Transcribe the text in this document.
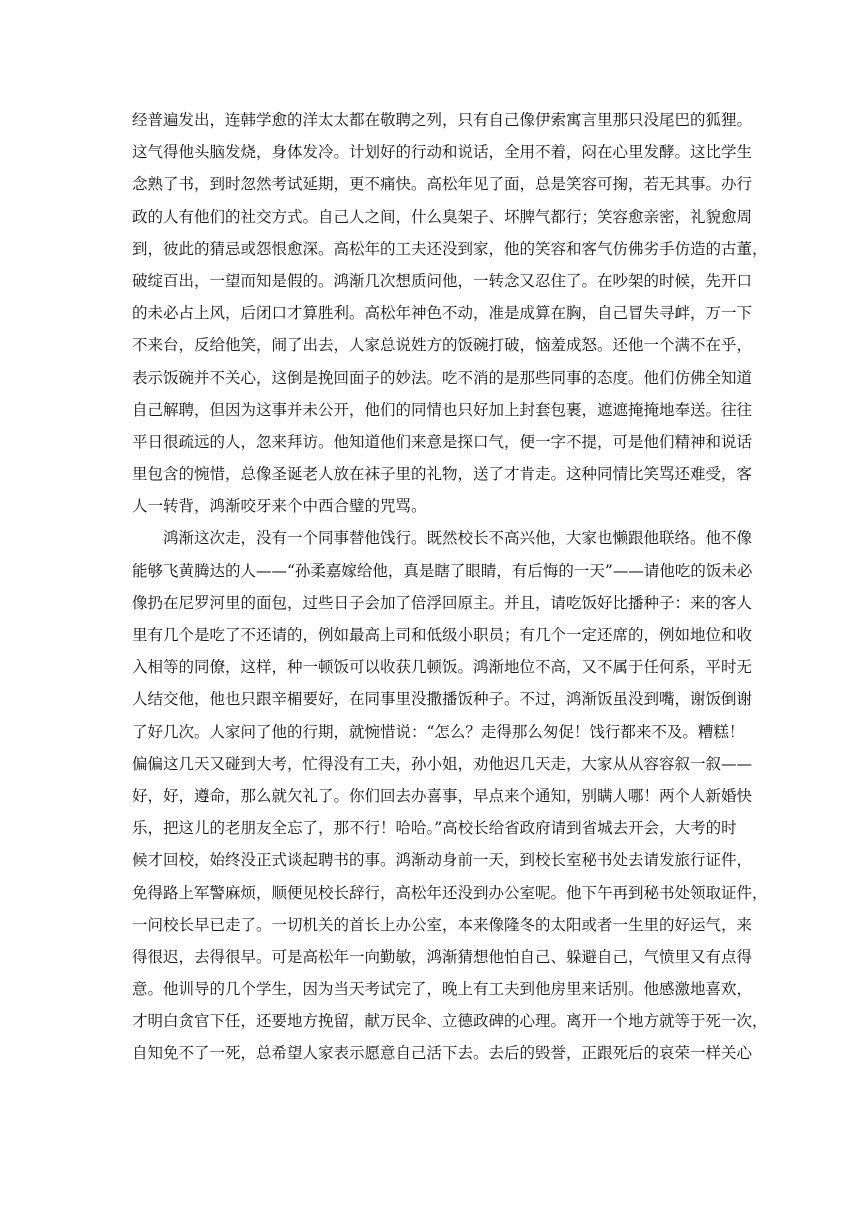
经普遍发出，连韩学愈的洋太太都在敬聘之列，只有自己像伊索寓言里那只没尾巴的狐狸。
这气得他头脑发烧，身体发冷。计划好的行动和说话，全用不着，闷在心里发酵。这比学生
念熟了书，到时忽然考试延期，更不痛快。高松年见了面，总是笑容可掬，若无其事。办行
政的人有他们的社交方式。自己人之间，什么臭架子、坏脾气都行；笑容愈亲密，礼貌愈周
到，彼此的猜忌或怨恨愈深。高松年的工夫还没到家，他的笑容和客气仿佛劣手仿造的古董，
破绽百出，一望而知是假的。鸿渐几次想质问他，一转念又忍住了。在吵架的时候，先开口
的未必占上风，后闭口才算胜利。高松年神色不动，准是成算在胸，自己冒失寻衅，万一下
不来台，反给他笑，闹了出去，人家总说姓方的饭碗打破，恼羞成怒。还他一个满不在乎，
表示饭碗并不关心，这倒是挽回面子的妙法。吃不消的是那些同事的态度。他们仿佛全知道
自己解聘，但因为这事并未公开，他们的同情也只好加上封套包裹，遮遮掩掩地奉送。往往
平日很疏远的人，忽来拜访。他知道他们来意是探口气，便一字不提，可是他们精神和说话
里包含的惋惜，总像圣诞老人放在袜子里的礼物，送了才肯走。这种同情比笑骂还难受，客
人一转背，鸿渐咬牙来个中西合璧的咒骂。
鸿渐这次走，没有一个同事替他饯行。既然校长不高兴他，大家也懒跟他联络。他不像
能够飞黄腾达的人——“孙柔嘉嫁给他，真是瞎了眼睛，有后悔的一天”——请他吃的饭未必
像扔在尼罗河里的面包，过些日子会加了倍浮回原主。并且，请吃饭好比播种子：来的客人
里有几个是吃了不还请的，例如最高上司和低级小职员；有几个一定还席的，例如地位和收
入相等的同僚，这样，种一顿饭可以收获几顿饭。鸿渐地位不高，又不属于任何系，平时无
人结交他，他也只跟辛楣要好，在同事里没撒播饭种子。不过，鸿渐饭虽没到嘴，谢饭倒谢
了好几次。人家问了他的行期，就惋惜说：“怎么？走得那么匆促！饯行都来不及。糟糕！
偏偏这几天又碰到大考，忙得没有工夫，孙小姐，劝他迟几天走，大家从从容容叙一叙——
好，好，遵命，那么就欠礼了。你们回去办喜事，早点来个通知，别瞒人哪！两个人新婚快
乐，把这儿的老朋友全忘了，那不行！哈哈。”高校长给省政府请到省城去开会，大考的时
候才回校，始终没正式谈起聘书的事。鸿渐动身前一天，到校长室秘书处去请发旅行证件，
免得路上军警麻烦，顺便见校长辞行，高松年还没到办公室呢。他下午再到秘书处领取证件，
一问校长早已走了。一切机关的首长上办公室，本来像隆冬的太阳或者一生里的好运气，来
得很迟，去得很早。可是高松年一向勤敏，鸿渐猜想他怕自己、躲避自己，气愤里又有点得
意。他训导的几个学生，因为当天考试完了，晚上有工夫到他房里来话别。他感激地喜欢，
才明白贪官下任，还要地方挽留，献万民伞、立德政碑的心理。离开一个地方就等于死一次，
自知免不了一死，总希望人家表示愿意自己活下去。去后的毁誉，正跟死后的哀荣一样关心
